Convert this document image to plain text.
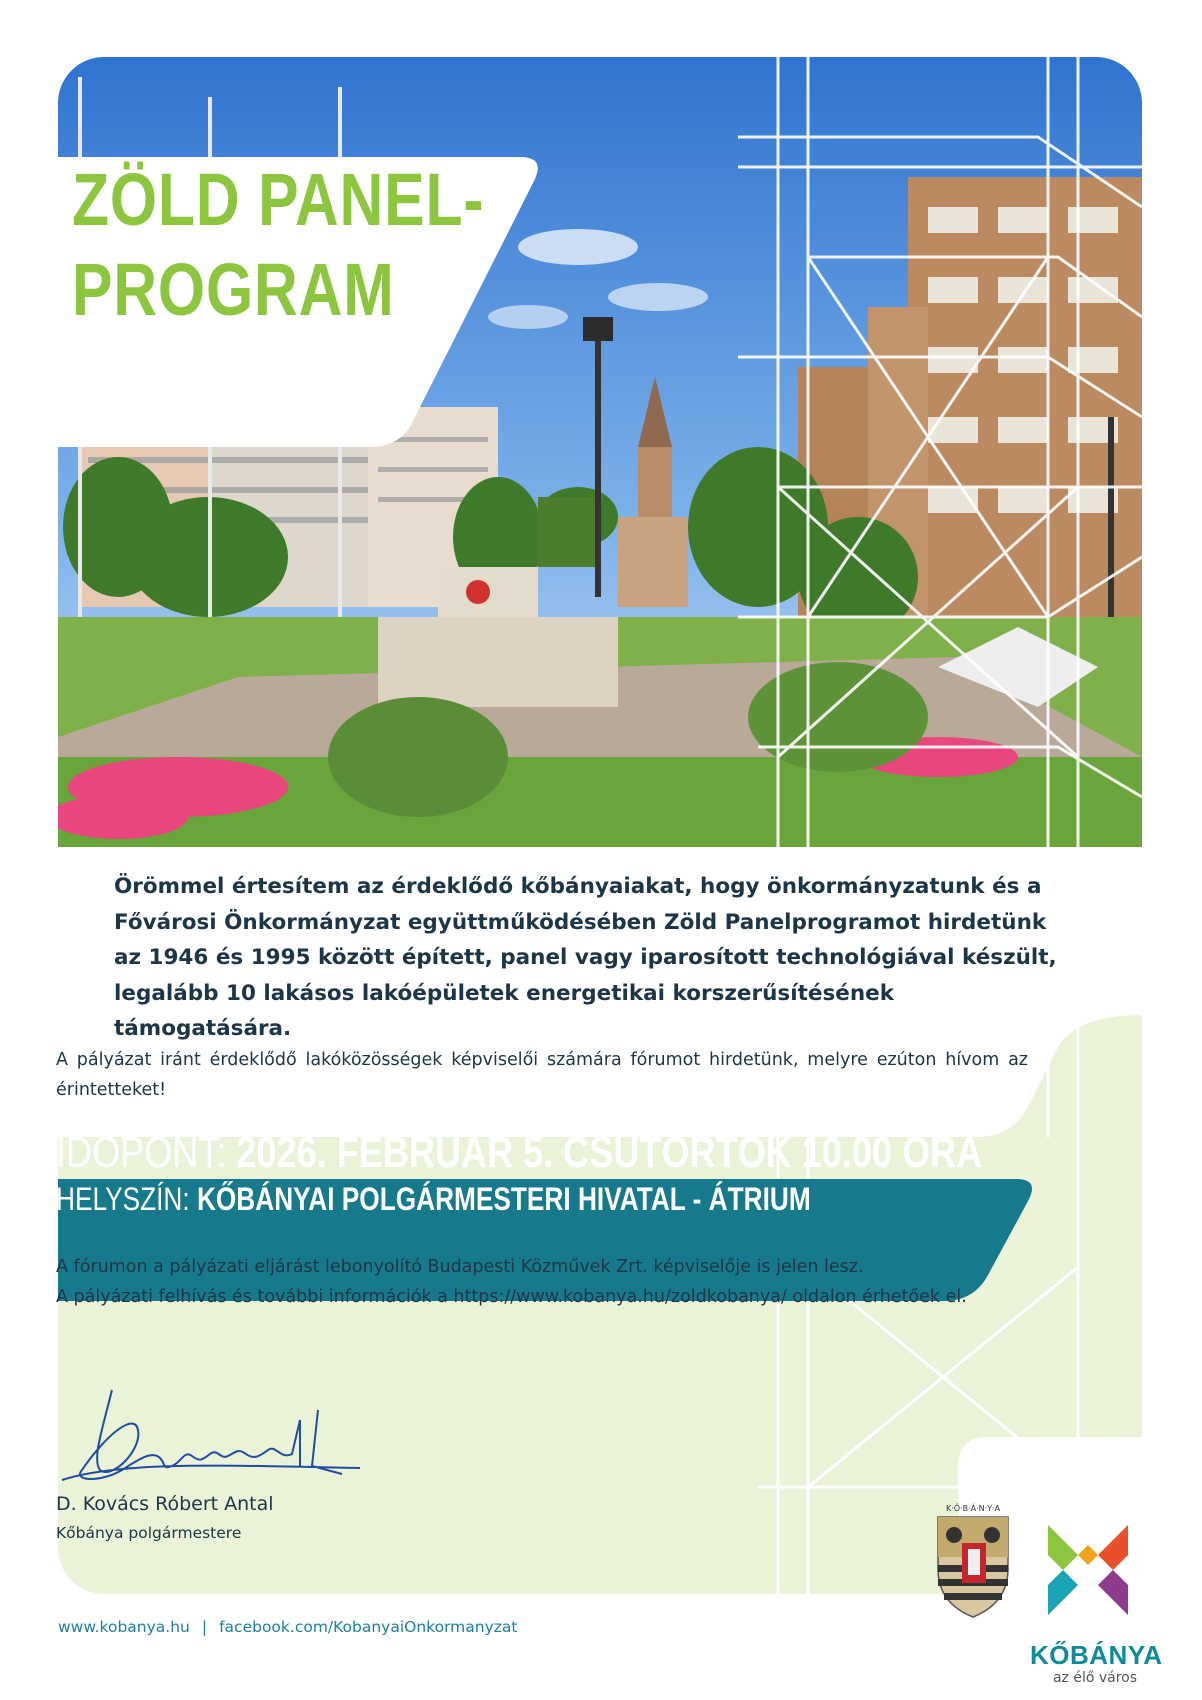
ZÖLD PANEL-
PROGRAM
Örömmel értesítem az érdeklődő kőbányaiakat, hogy önkormányzatunk és a Fővárosi Önkormányzat együttműködésében Zöld Panelprogramot hirdetünk az 1946 és 1995 között épített, panel vagy iparosított technológiával készült, legalább 10 lakásos lakóépületek energetikai korszerűsítésének támogatására.
A pályázat iránt érdeklődő lakóközösségek képviselői számára fórumot hirdetünk, melyre ezúton hívom az érintetteket!
IDŐPONT: 2026. FEBRUÁR 5. CSÜTÖRTÖK 10.00 ÓRA
HELYSZÍN: KŐBÁNYAI POLGÁRMESTERI HIVATAL - ÁTRIUM
A fórumon a pályázati eljárást lebonyolító Budapesti Közművek Zrt. képviselője is jelen lesz.
A pályázati felhívás és további információk a https://www.kobanya.hu/zoldkobanya/ oldalon érhetőek el.
D. Kovács Róbert Antal
Kőbánya polgármestere
K·Ő·B·Á·N·Y·A
KŐBÁNYA
az élő város
www.kobanya.hu | facebook.com/KobanyaiOnkormanyzat
